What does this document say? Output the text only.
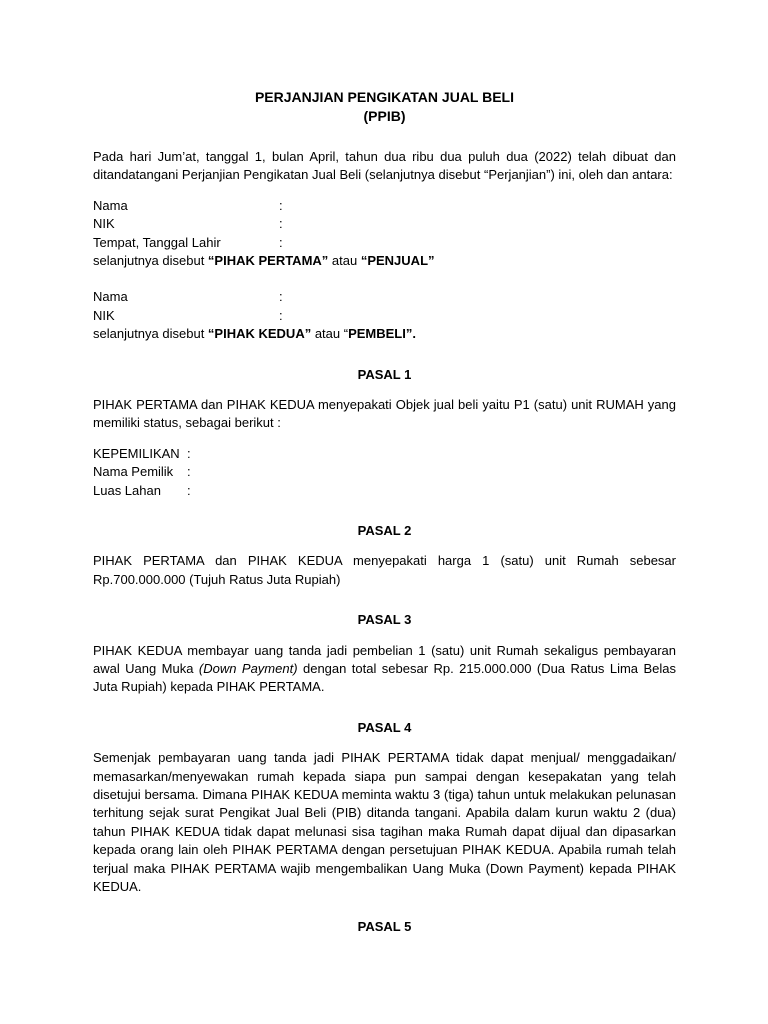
PERJANJIAN PENGIKATAN JUAL BELI
(PPIB)

Pada hari Jum’at, tanggal 1, bulan April, tahun dua ribu dua puluh dua (2022) telah dibuat dan ditandatangani Perjanjian Pengikatan Jual Beli (selanjutnya disebut “Perjanjian”) ini, oleh dan antara:

Nama	:
NIK	:
Tempat, Tanggal Lahir	:
selanjutnya disebut “PIHAK PERTAMA” atau “PENJUAL”
Nama	:
NIK	:
selanjutnya disebut “PIHAK KEDUA” atau “PEMBELI”.

PASAL 1

PIHAK PERTAMA dan PIHAK KEDUA menyepakati Objek jual beli yaitu P1 (satu) unit RUMAH yang memiliki status, sebagai berikut :

KEPEMILIKAN :
Nama Pemilik	:
Luas Lahan	:

PASAL 2

PIHAK PERTAMA dan PIHAK KEDUA menyepakati harga 1 (satu) unit Rumah sebesar Rp.700.000.000 (Tujuh Ratus Juta Rupiah)

PASAL 3

PIHAK KEDUA membayar uang tanda jadi pembelian 1 (satu) unit Rumah sekaligus pembayaran awal Uang Muka (Down Payment) dengan total sebesar Rp. 215.000.000 (Dua Ratus Lima Belas Juta Rupiah) kepada PIHAK PERTAMA.

PASAL 4

Semenjak pembayaran uang tanda jadi PIHAK PERTAMA tidak dapat menjual/ menggadaikan/ memasarkan/menyewakan rumah kepada siapa pun sampai dengan kesepakatan yang telah disetujui bersama. Dimana PIHAK KEDUA meminta waktu 3 (tiga) tahun untuk melakukan pelunasan terhitung sejak surat Pengikat Jual Beli (PIB) ditanda tangani. Apabila dalam kurun waktu 2 (dua) tahun PIHAK KEDUA tidak dapat melunasi sisa tagihan maka Rumah dapat dijual dan dipasarkan kepada orang lain oleh PIHAK PERTAMA dengan persetujuan PIHAK KEDUA. Apabila rumah telah terjual maka PIHAK PERTAMA wajib mengembalikan Uang Muka (Down Payment) kepada PIHAK KEDUA.

PASAL 5
